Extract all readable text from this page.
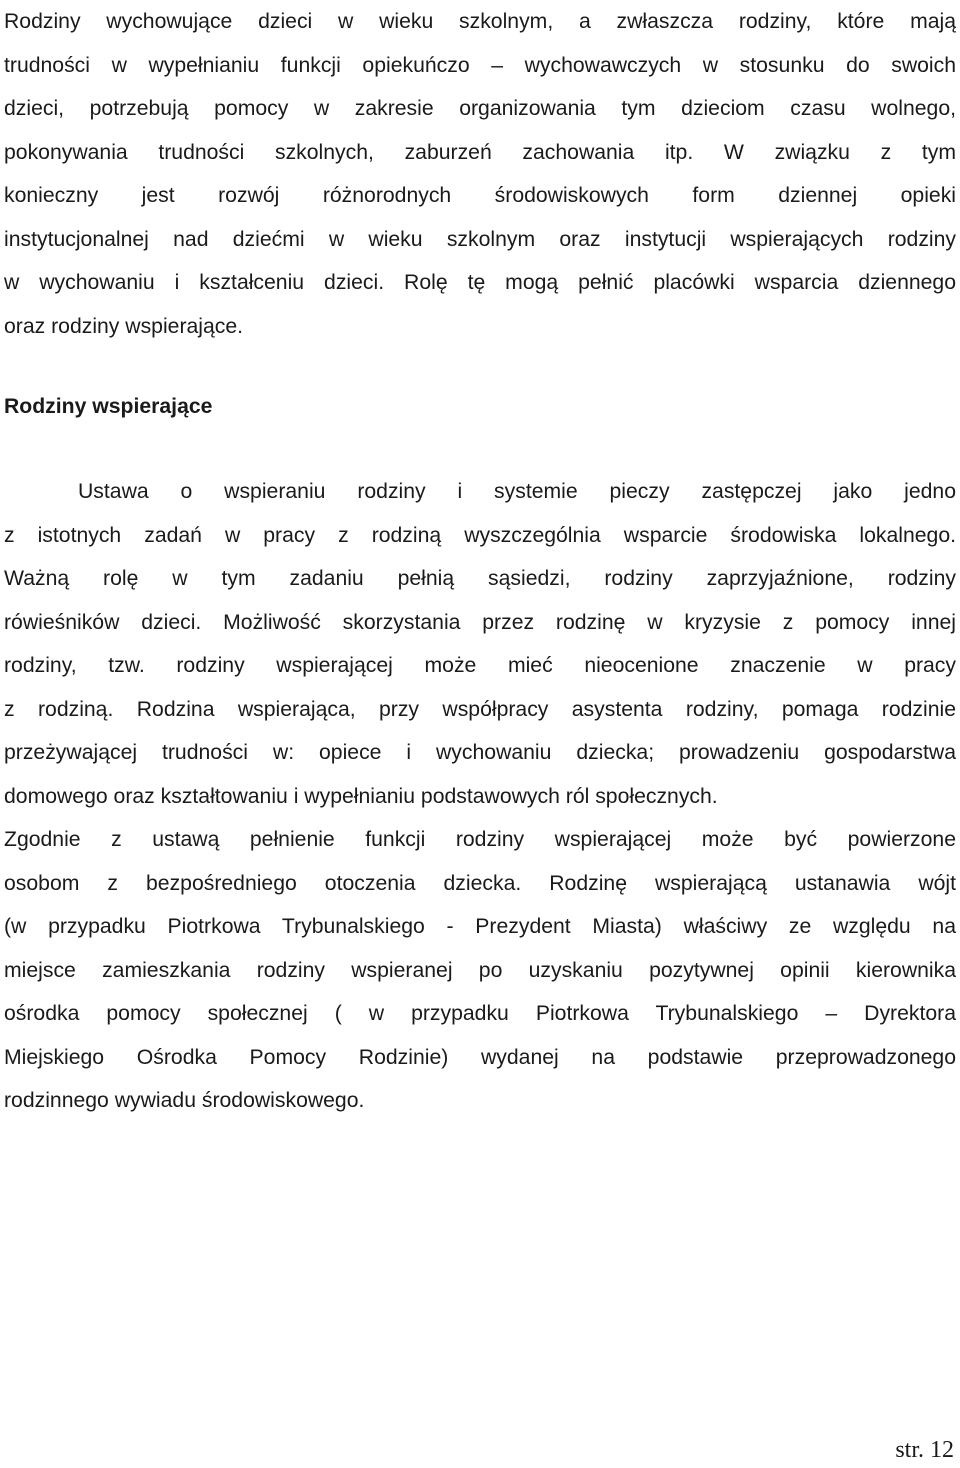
Rodziny wychowujące dzieci w wieku szkolnym, a zwłaszcza rodziny, które mają
trudności w wypełnianiu funkcji opiekuńczo – wychowawczych w stosunku do swoich
dzieci, potrzebują pomocy w zakresie organizowania tym dzieciom czasu wolnego,
pokonywania trudności szkolnych, zaburzeń zachowania itp. W związku z tym
konieczny jest rozwój różnorodnych środowiskowych form dziennej opieki
instytucjonalnej nad dziećmi w wieku szkolnym oraz instytucji wspierających rodziny
w wychowaniu i kształceniu dzieci. Rolę tę mogą pełnić placówki wsparcia dziennego
oraz rodziny wspierające.
Rodziny wspierające
Ustawa o wspieraniu rodziny i systemie pieczy zastępczej jako jedno
z istotnych zadań w pracy z rodziną wyszczególnia wsparcie środowiska lokalnego.
Ważną rolę w tym zadaniu pełnią sąsiedzi, rodziny zaprzyjaźnione, rodziny
rówieśników dzieci. Możliwość skorzystania przez rodzinę w kryzysie z pomocy innej
rodziny, tzw. rodziny wspierającej może mieć nieocenione znaczenie w pracy
z rodziną. Rodzina wspierająca, przy współpracy asystenta rodziny, pomaga rodzinie
przeżywającej trudności w: opiece i wychowaniu dziecka; prowadzeniu gospodarstwa
domowego oraz kształtowaniu i wypełnianiu podstawowych ról społecznych.
Zgodnie z ustawą pełnienie funkcji rodziny wspierającej może być powierzone
osobom z bezpośredniego otoczenia dziecka. Rodzinę wspierającą ustanawia wójt
(w przypadku Piotrkowa Trybunalskiego - Prezydent Miasta) właściwy ze względu na
miejsce zamieszkania rodziny wspieranej po uzyskaniu pozytywnej opinii kierownika
ośrodka pomocy społecznej ( w przypadku Piotrkowa Trybunalskiego – Dyrektora
Miejskiego Ośrodka Pomocy Rodzinie) wydanej na podstawie przeprowadzonego
rodzinnego wywiadu środowiskowego.
str. 12
